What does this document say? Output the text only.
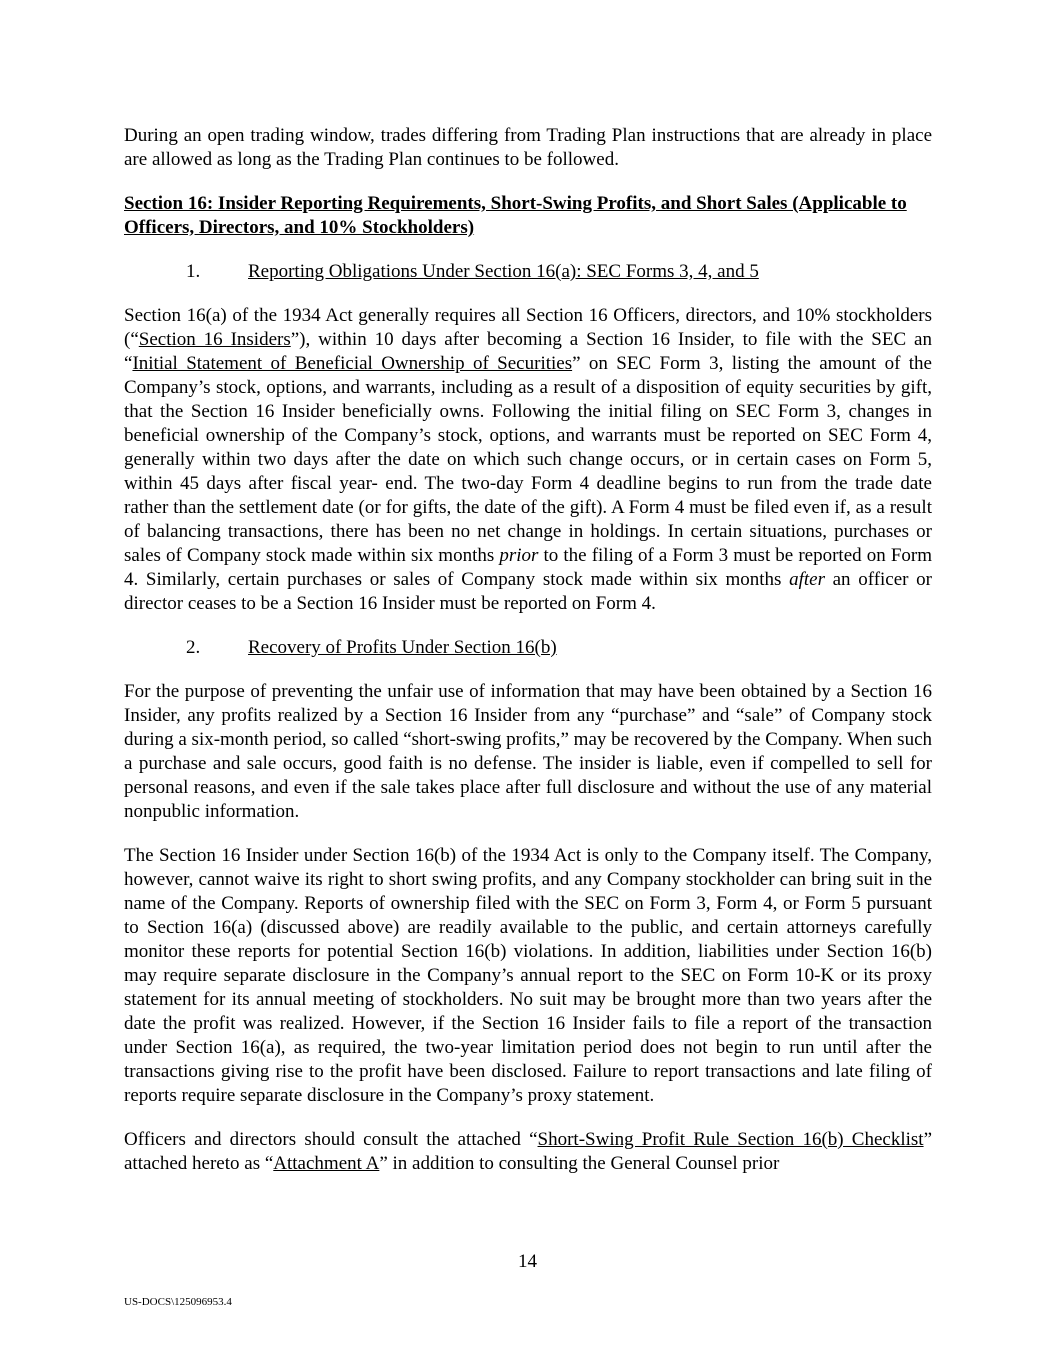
During an open trading window, trades differing from Trading Plan instructions that are already in place are allowed as long as the Trading Plan continues to be followed.

Section 16: Insider Reporting Requirements, Short-Swing Profits, and Short Sales (Applicable to Officers, Directors, and 10% Stockholders)

1.	Reporting Obligations Under Section 16(a): SEC Forms 3, 4, and 5

Section 16(a) of the 1934 Act generally requires all Section 16 Officers, directors, and 10% stockholders (“Section 16 Insiders”), within 10 days after becoming a Section 16 Insider, to file with the SEC an “Initial Statement of Beneficial Ownership of Securities” on SEC Form 3, listing the amount of the Company’s stock, options, and warrants, including as a result of a disposition of equity securities by gift, that the Section 16 Insider beneficially owns. Following the initial filing on SEC Form 3, changes in beneficial ownership of the Company’s stock, options, and warrants must be reported on SEC Form 4, generally within two days after the date on which such change occurs, or in certain cases on Form 5, within 45 days after fiscal year- end. The two-day Form 4 deadline begins to run from the trade date rather than the settlement date (or for gifts, the date of the gift). A Form 4 must be filed even if, as a result of balancing transactions, there has been no net change in holdings. In certain situations, purchases or sales of Company stock made within six months prior to the filing of a Form 3 must be reported on Form 4. Similarly, certain purchases or sales of Company stock made within six months after an officer or director ceases to be a Section 16 Insider must be reported on Form 4.

2.	Recovery of Profits Under Section 16(b)

For the purpose of preventing the unfair use of information that may have been obtained by a Section 16 Insider, any profits realized by a Section 16 Insider from any “purchase” and “sale” of Company stock during a six-month period, so called “short-swing profits,” may be recovered by the Company. When such a purchase and sale occurs, good faith is no defense. The insider is liable, even if compelled to sell for personal reasons, and even if the sale takes place after full disclosure and without the use of any material nonpublic information.

The Section 16 Insider under Section 16(b) of the 1934 Act is only to the Company itself. The Company, however, cannot waive its right to short swing profits, and any Company stockholder can bring suit in the name of the Company. Reports of ownership filed with the SEC on Form 3, Form 4, or Form 5 pursuant to Section 16(a) (discussed above) are readily available to the public, and certain attorneys carefully monitor these reports for potential Section 16(b) violations. In addition, liabilities under Section 16(b) may require separate disclosure in the Company’s annual report to the SEC on Form 10-K or its proxy statement for its annual meeting of stockholders. No suit may be brought more than two years after the date the profit was realized. However, if the Section 16 Insider fails to file a report of the transaction under Section 16(a), as required, the two-year limitation period does not begin to run until after the transactions giving rise to the profit have been disclosed. Failure to report transactions and late filing of reports require separate disclosure in the Company’s proxy statement.

Officers and directors should consult the attached “Short-Swing Profit Rule Section 16(b) Checklist” attached hereto as “Attachment A” in addition to consulting the General Counsel prior

14
US-DOCS\125096953.4
